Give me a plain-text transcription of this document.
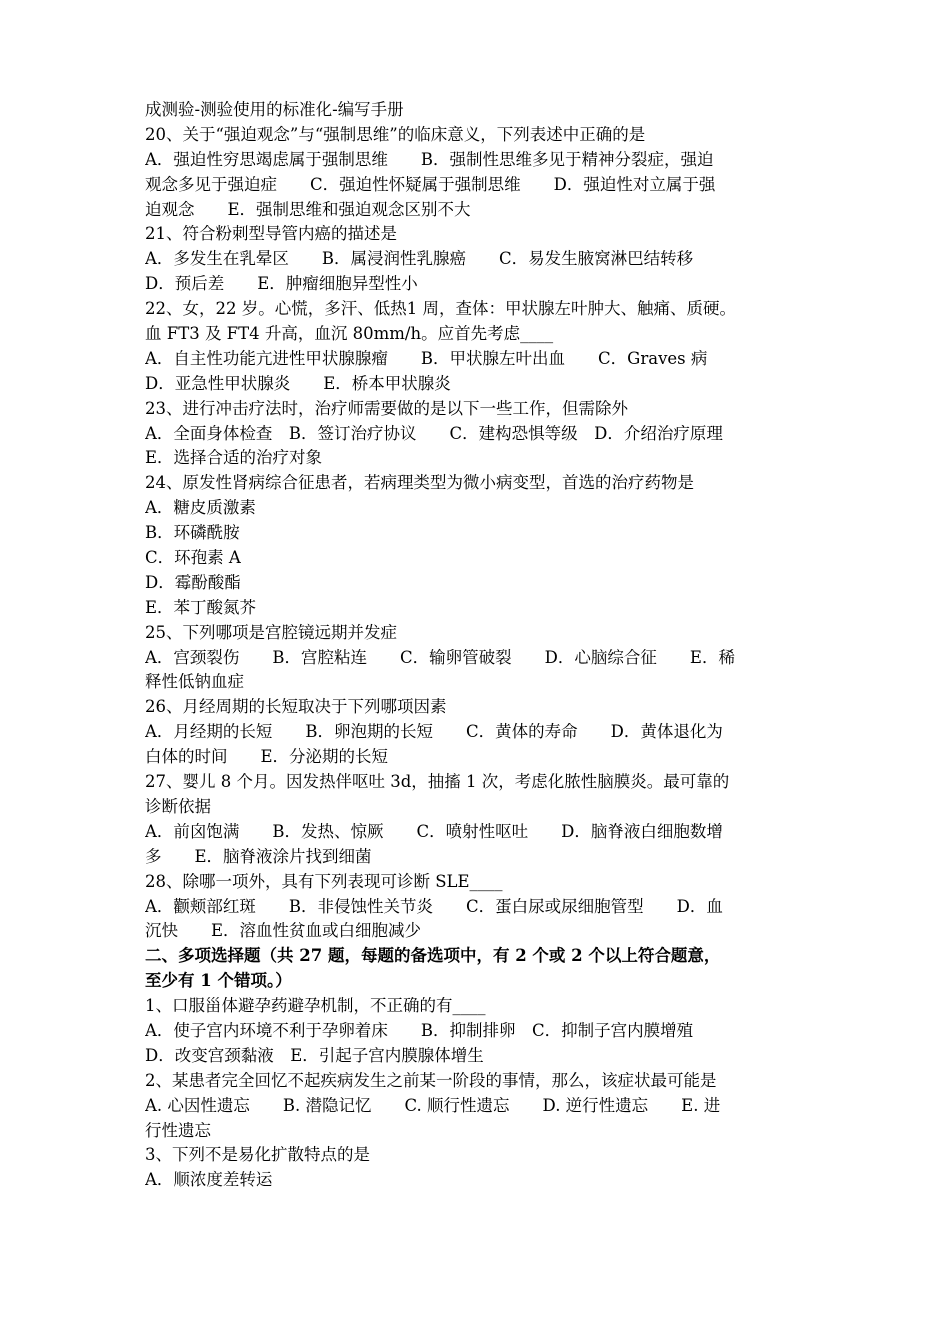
成测验-测验使用的标准化-编写手册
20、关于“强迫观念”与“强制思维”的临床意义，下列表述中正确的是
A．强迫性穷思竭虑属于强制思维　　B．强制性思维多见于精神分裂症，强迫
观念多见于强迫症　　C．强迫性怀疑属于强制思维　　D．强迫性对立属于强
迫观念　　E．强制思维和强迫观念区别不大
21、符合粉刺型导管内癌的描述是
A．多发生在乳晕区　　B．属浸润性乳腺癌　　C．易发生腋窝淋巴结转移
D．预后差　　E．肿瘤细胞异型性小
22、女，22 岁。心慌，多汗、低热1 周，查体：甲状腺左叶肿大、触痛、质硬。
血 FT3 及 FT4 升高，血沉 80mm/h。应首先考虑____
A．自主性功能亢进性甲状腺腺瘤　　B．甲状腺左叶出血　　C．Graves 病
D．亚急性甲状腺炎　　E．桥本甲状腺炎
23、进行冲击疗法时，治疗师需要做的是以下一些工作，但需除外
A．全面身体检查　B．签订治疗协议　　C．建构恐惧等级　D．介绍治疗原理
E．选择合适的治疗对象
24、原发性肾病综合征患者，若病理类型为微小病变型，首选的治疗药物是
A．糖皮质激素
B．环磷酰胺
C．环孢素 A
D．霉酚酸酯
E．苯丁酸氮芥
25、下列哪项是宫腔镜远期并发症
A．宫颈裂伤　　B．宫腔粘连　　C．输卵管破裂　　D．心脑综合征　　E．稀
释性低钠血症
26、月经周期的长短取决于下列哪项因素
A．月经期的长短　　B．卵泡期的长短　　C．黄体的寿命　　D．黄体退化为
白体的时间　　E．分泌期的长短
27、婴儿 8 个月。因发热伴呕吐 3d，抽搐 1 次，考虑化脓性脑膜炎。最可靠的
诊断依据
A．前囟饱满　　B．发热、惊厥　　C．喷射性呕吐　　D．脑脊液白细胞数增
多　　E．脑脊液涂片找到细菌
28、除哪一项外，具有下列表现可诊断 SLE____
A．颧颊部红斑　　B．非侵蚀性关节炎　　C．蛋白尿或尿细胞管型　　D．血
沉快　　E．溶血性贫血或白细胞减少
二、多项选择题（共 27 题，每题的备选项中，有 2 个或 2 个以上符合题意，
至少有 1 个错项。）
1、口服甾体避孕药避孕机制，不正确的有____
A．使子宫内环境不利于孕卵着床　　B．抑制排卵　C．抑制子宫内膜增殖
D．改变宫颈黏液　E．引起子宫内膜腺体增生
2、某患者完全回忆不起疾病发生之前某一阶段的事情，那么，该症状最可能是
A. 心因性遗忘　　B. 潜隐记忆　　C. 顺行性遗忘　　D. 逆行性遗忘　　E. 进
行性遗忘
3、下列不是易化扩散特点的是
A．顺浓度差转运
